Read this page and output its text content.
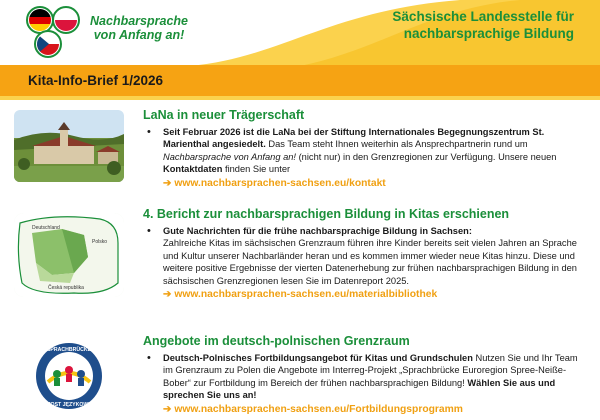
Nachbarsprache
von Anfang an!
Sächsische Landesstelle für
nachbarsprachige Bildung
Kita-Info-Brief 1/2026
LaNa in neuer Trägerschaft
• Seit Februar 2026 ist die LaNa bei der Stiftung Internationales Begegnungszentrum St. Marienthal angesiedelt. Das Team steht Ihnen weiterhin als Ansprechpartnerin rund um Nachbarsprache von Anfang an! (nicht nur) in den Grenzregionen zur Verfügung. Unsere neuen Kontaktdaten finden Sie unter
➔ www.nachbarsprachen-sachsen.eu/kontakt
Deutschland
Polsko
Česká republika
4. Bericht zur nachbarsprachigen Bildung in Kitas erschienen
• Gute Nachrichten für die frühe nachbarsprachige Bildung in Sachsen:
Zahlreiche Kitas im sächsischen Grenzraum führen ihre Kinder bereits seit vielen Jahren an Sprache und Kultur unserer Nachbarländer heran und es kommen immer wieder neue Kitas hinzu. Diese und weitere positive Ergebnisse der vierten Datenerhebung zur frühen nachbarsprachigen Bildung in den sächsischen Grenzregionen lesen Sie im Datenreport 2025.
➔ www.nachbarsprachen-sachsen.eu/materialbibliothek
SPRACHBRÜCKE
MOST JĘZYKOWY
Angebote im deutsch-polnischen Grenzraum
• Deutsch-Polnisches Fortbildungsangebot für Kitas und Grundschulen Nutzen Sie und Ihr Team im Grenzraum zu Polen die Angebote im Interreg-Projekt „Sprachbrücke Euroregion Spree-Neiße-Bober“ zur Fortbildung im Bereich der frühen nachbarsprachigen Bildung! Wählen Sie aus und sprechen Sie uns an!
➔ www.nachbarsprachen-sachsen.eu/Fortbildungsprogramm
